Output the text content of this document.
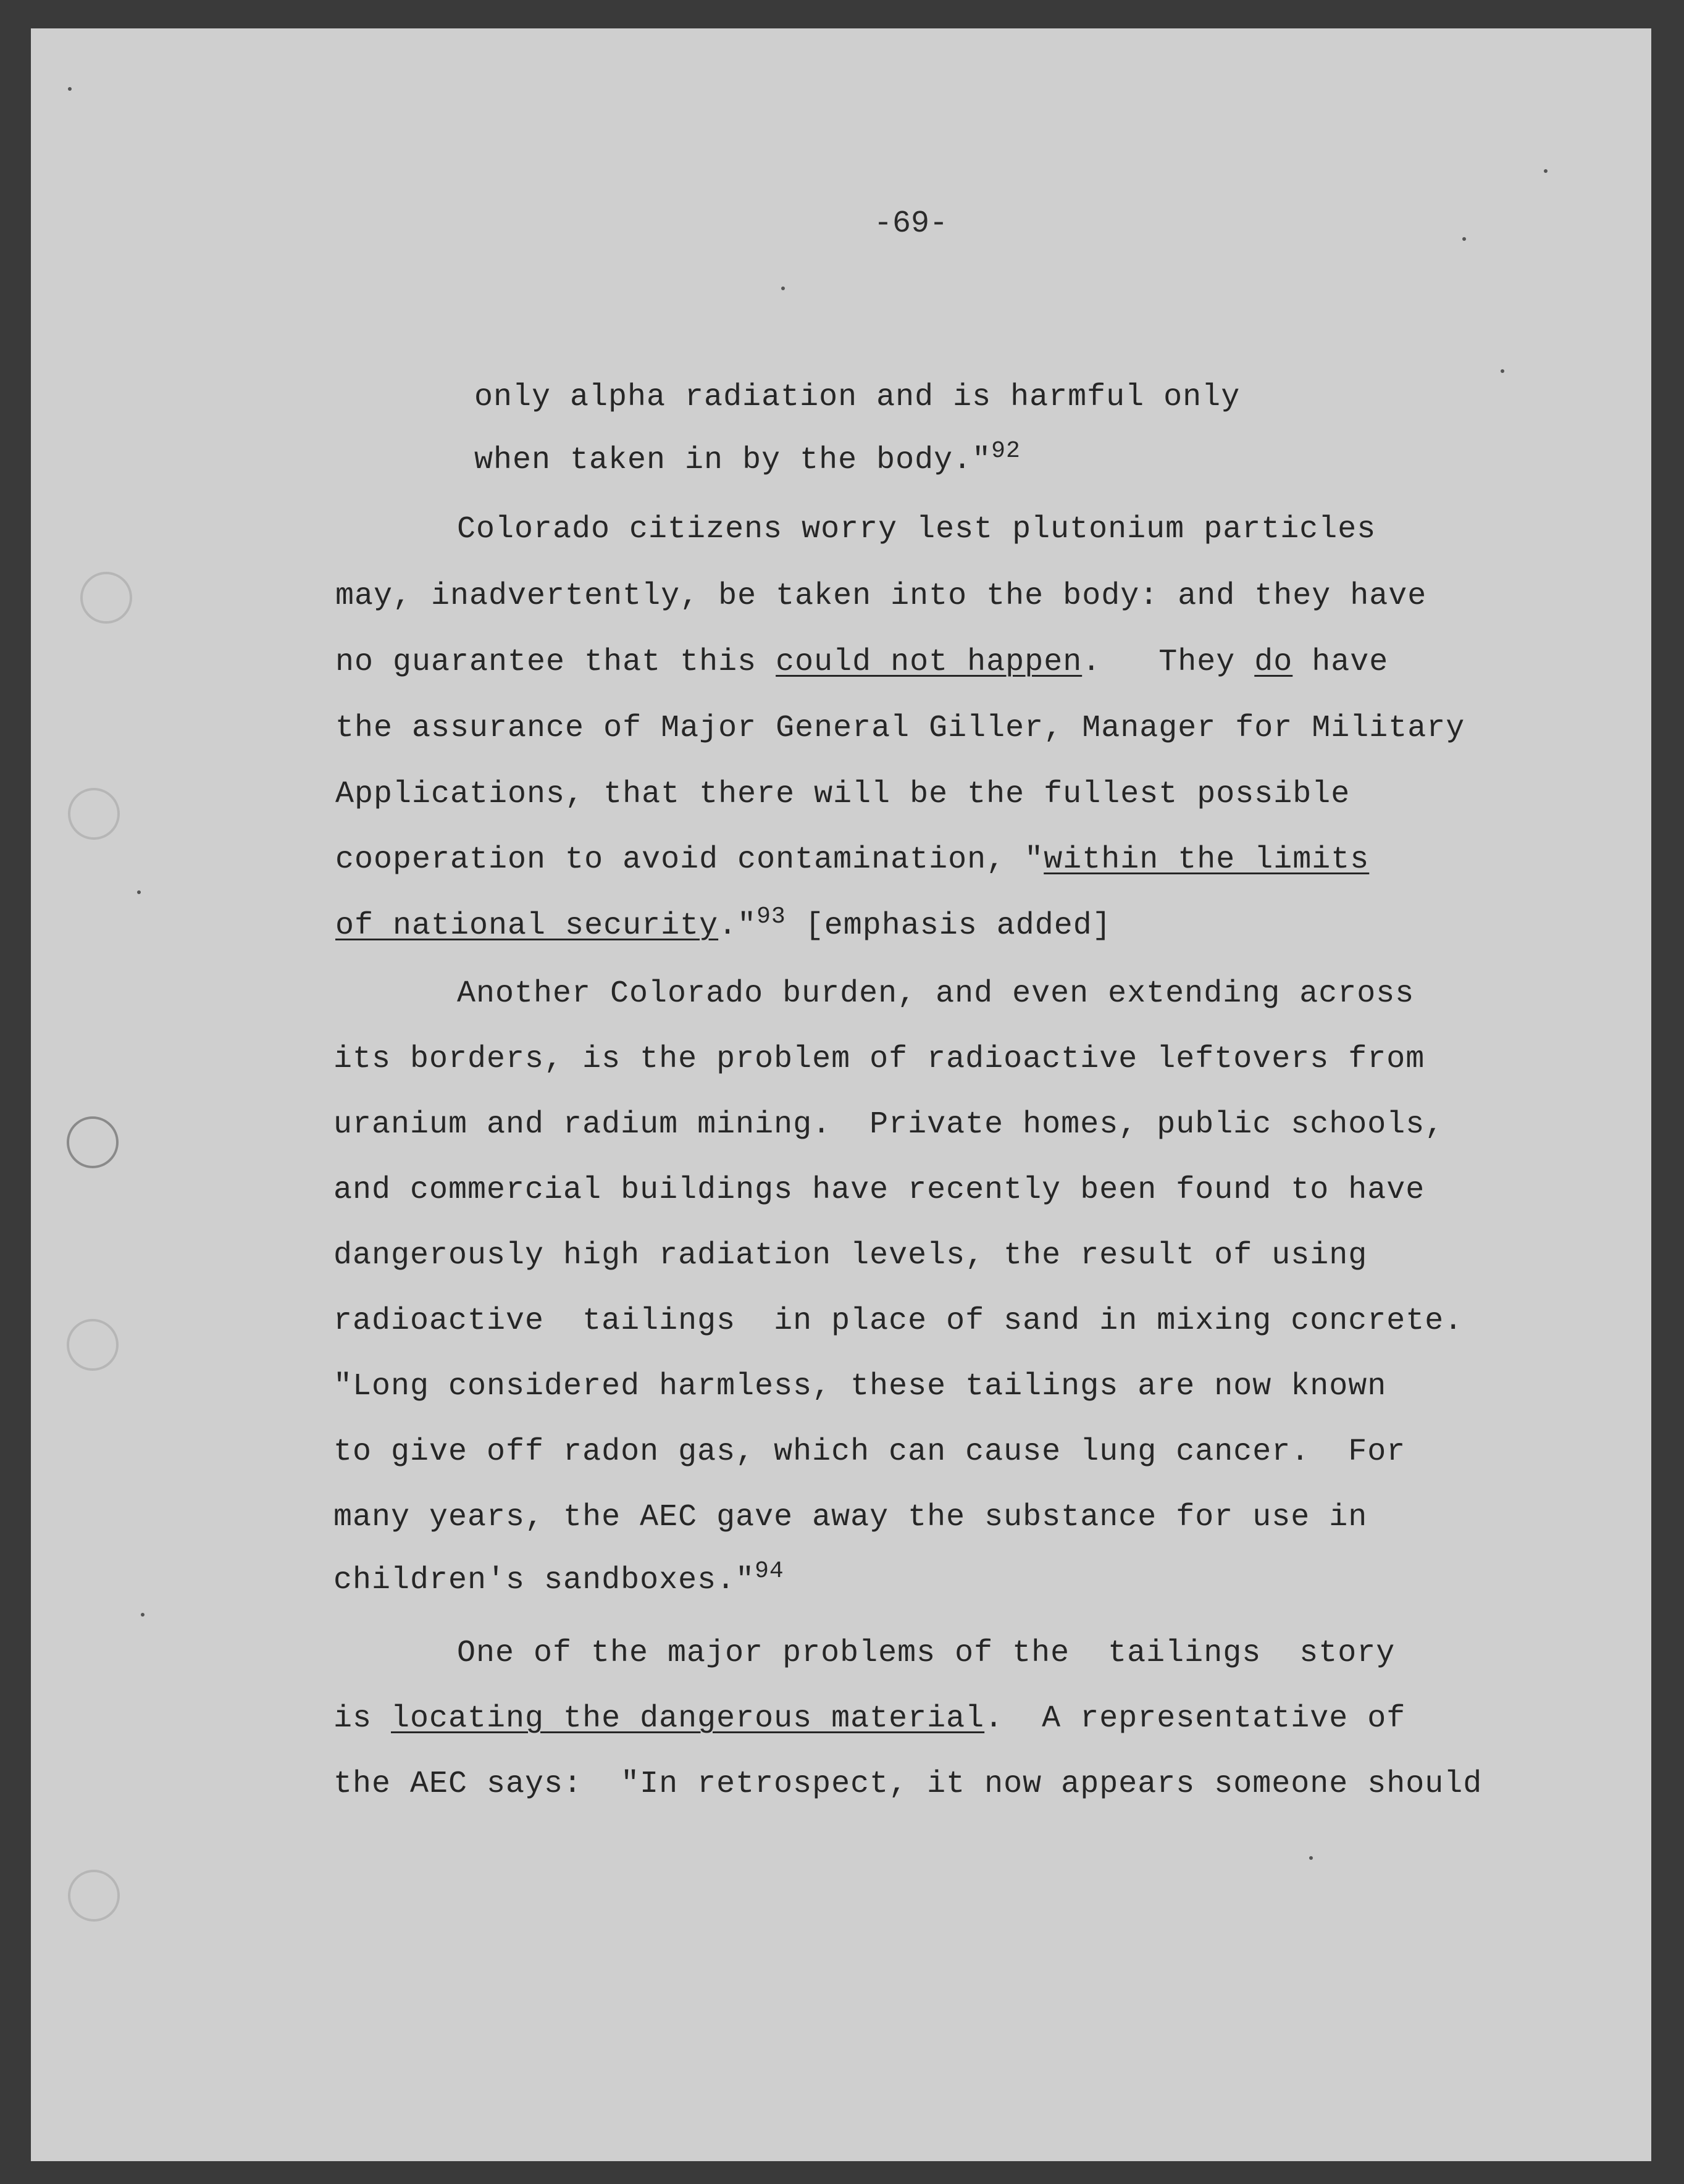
-69-
only alpha radiation and is harmful only
when taken in by the body."$^{92}$
Colorado citizens worry lest plutonium particles
may, inadvertently, be taken into the body: and they have
no guarantee that this could not happen.   They do have
the assurance of Major General Giller, Manager for Military
Applications, that there will be the fullest possible
cooperation to avoid contamination, "within the limits
of national security."$^{93}$ [emphasis added]
Another Colorado burden, and even extending across
its borders, is the problem of radioactive leftovers from
uranium and radium mining.  Private homes, public schools,
and commercial buildings have recently been found to have
dangerously high radiation levels, the result of using
radioactive  tailings  in place of sand in mixing concrete.
"Long considered harmless, these tailings are now known
to give off radon gas, which can cause lung cancer.  For
many years, the AEC gave away the substance for use in
children's sandboxes."$^{94}$
One of the major problems of the  tailings  story
is locating the dangerous material.  A representative of
the AEC says:  "In retrospect, it now appears someone should
